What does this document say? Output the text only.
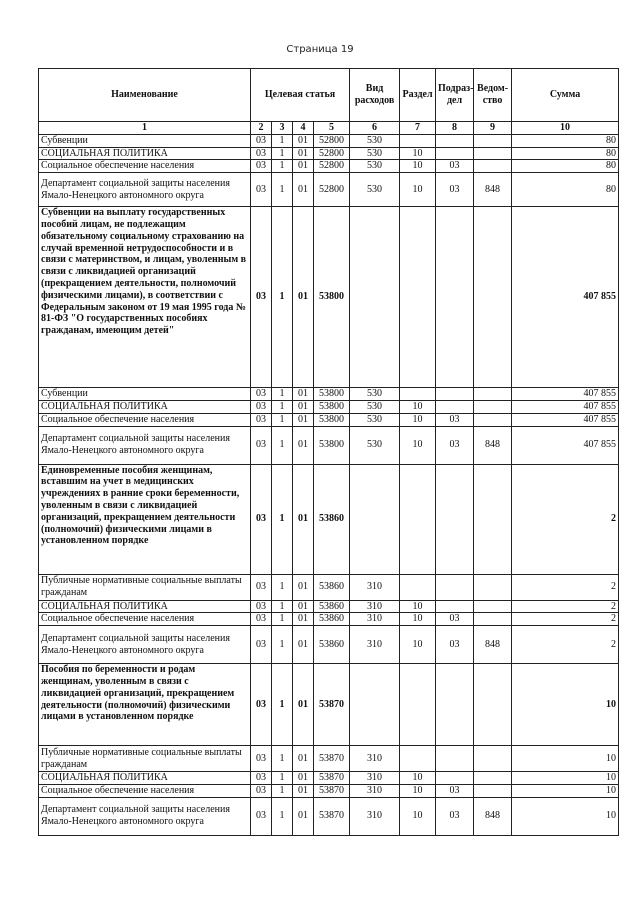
Страница 19
Наименование	Целевая статья				Вид расходов	Раздел	Подраз-дел	Ведом-ство	Сумма
1	2	3	4	5	6	7	8	9	10
Субвенции	03	1	01	52800	530				80
СОЦИАЛЬНАЯ ПОЛИТИКА	03	1	01	52800	530	10			80
Социальное обеспечение населения	03	1	01	52800	530	10	03		80
Департамент социальной защиты населения Ямало-Ненецкого автономного округа	03	1	01	52800	530	10	03	848	80
Субвенции на выплату государственных пособий лицам, не подлежащим обязательному социальному страхованию на случай временной нетрудоспособности и в связи с материнством, и лицам, уволенным в связи с ликвидацией организаций (прекращением деятельности, полномочий физическими лицами), в соответствии с Федеральным законом от 19 мая 1995 года № 81-ФЗ "О государственных пособиях гражданам, имеющим детей"	03	1	01	53800					407 855
Субвенции	03	1	01	53800	530				407 855
СОЦИАЛЬНАЯ ПОЛИТИКА	03	1	01	53800	530	10			407 855
Социальное обеспечение населения	03	1	01	53800	530	10	03		407 855
Департамент социальной защиты населения Ямало-Ненецкого автономного округа	03	1	01	53800	530	10	03	848	407 855
Единовременные пособия женщинам, вставшим на учет в медицинских учреждениях в ранние сроки беременности, уволенным в связи с ликвидацией организаций, прекращением деятельности (полномочий) физическими лицами в установленном порядке	03	1	01	53860					2
Публичные нормативные социальные выплаты гражданам	03	1	01	53860	310				2
СОЦИАЛЬНАЯ ПОЛИТИКА	03	1	01	53860	310	10			2
Социальное обеспечение населения	03	1	01	53860	310	10	03		2
Департамент социальной защиты населения Ямало-Ненецкого автономного округа	03	1	01	53860	310	10	03	848	2
Пособия по беременности и родам женщинам, уволенным в связи с ликвидацией организаций, прекращением деятельности (полномочий) физическими лицами в установленном порядке	03	1	01	53870					10
Публичные нормативные социальные выплаты гражданам	03	1	01	53870	310				10
СОЦИАЛЬНАЯ ПОЛИТИКА	03	1	01	53870	310	10			10
Социальное обеспечение населения	03	1	01	53870	310	10	03		10
Департамент социальной защиты населения Ямало-Ненецкого автономного округа	03	1	01	53870	310	10	03	848	10
